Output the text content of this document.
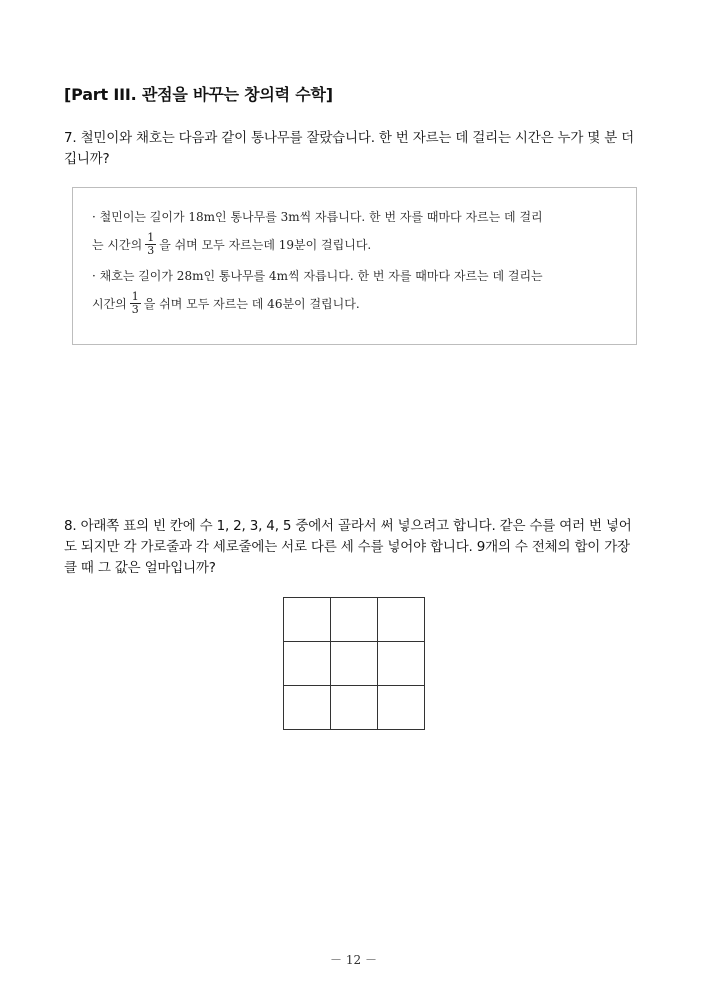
[Part III. 관점을 바꾸는 창의력 수학]
7. 철민이와 채호는 다음과 같이 통나무를 잘랐습니다. 한 번 자르는 데 걸리는 시간은 누가 몇 분 더 깁니까?
· 철민이는 길이가 18m인 통나무를 3m씩 자릅니다. 한 번 자를 때마다 자르는 데 걸리
는 시간의 $\frac{1}{3}$ 을 쉬며 모두 자르는데 19분이 걸립니다.
· 채호는 길이가 28m인 통나무를 4m씩 자릅니다. 한 번 자를 때마다 자르는 데 걸리는
시간의 $\frac{1}{3}$ 을 쉬며 모두 자르는 데 46분이 걸립니다.
8. 아래쪽 표의 빈 칸에 수 1, 2, 3, 4, 5 중에서 골라서 써 넣으려고 합니다. 같은 수를 여러 번 넣어도 되지만 각 가로줄과 각 세로줄에는 서로 다른 세 수를 넣어야 합니다. 9개의 수 전체의 합이 가장 클 때 그 값은 얼마입니까?

－ 12 －
